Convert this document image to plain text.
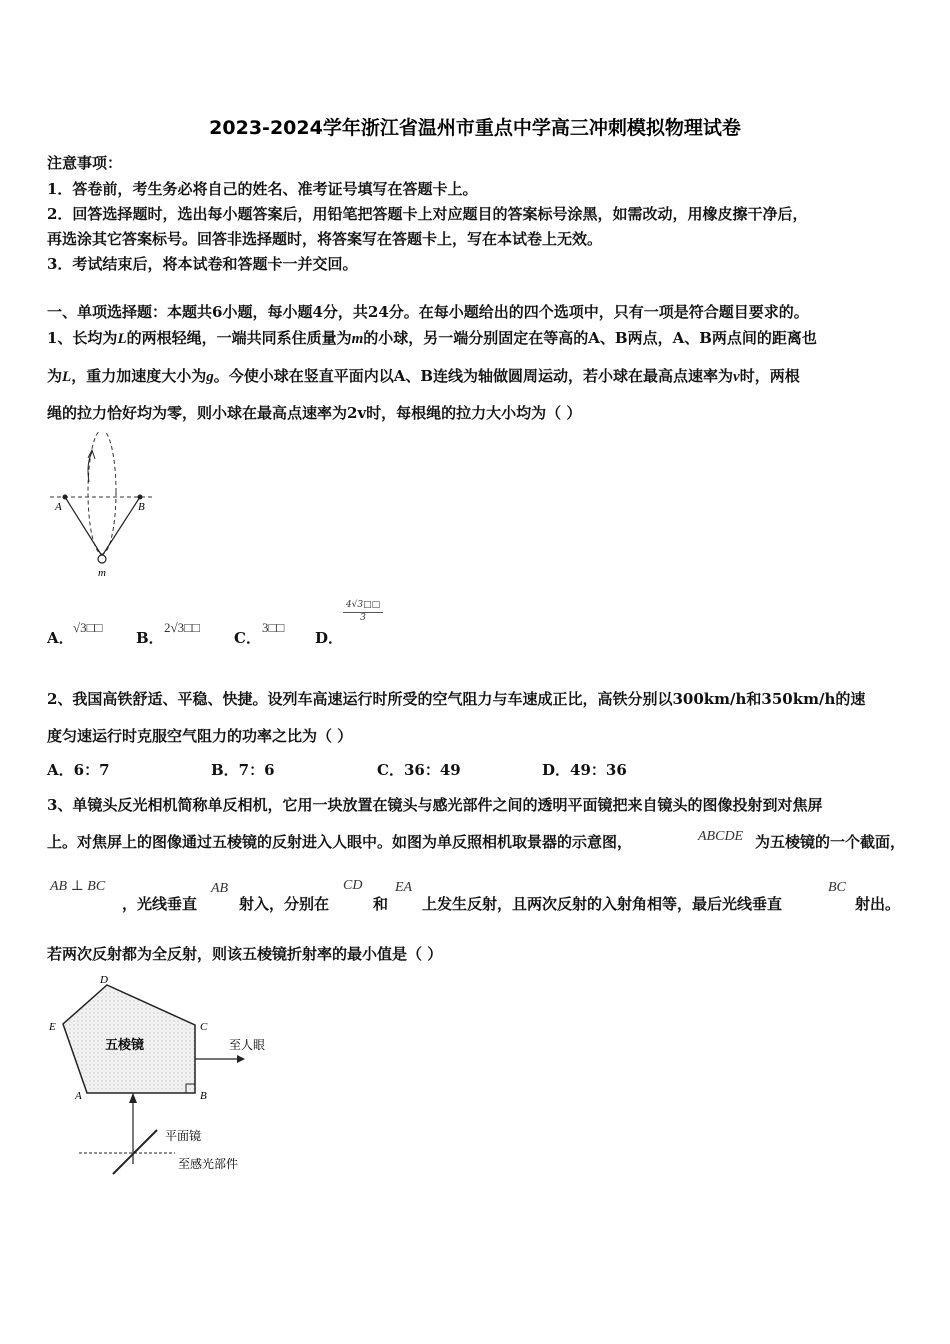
2023-2024学年浙江省温州市重点中学高三冲刺模拟物理试卷
注意事项：
1．答卷前，考生务必将自己的姓名、准考证号填写在答题卡上。
2．回答选择题时，选出每小题答案后，用铅笔把答题卡上对应题目的答案标号涂黑，如需改动，用橡皮擦干净后，
再选涂其它答案标号。回答非选择题时，将答案写在答题卡上，写在本试卷上无效。
3．考试结束后，将本试卷和答题卡一并交回。
一、单项选择题：本题共6小题，每小题4分，共24分。在每小题给出的四个选项中，只有一项是符合题目要求的。
1、长均为L的两根轻绳，一端共同系住质量为m的小球，另一端分别固定在等高的A、B两点，A、B两点间的距离也
为L，重力加速度大小为g。今使小球在竖直平面内以A、B连线为轴做圆周运动，若小球在最高点速率为v时，两根
绳的拉力恰好均为零，则小球在最高点速率为2v时，每根绳的拉力大小均为（ ）
A	B
m
A．
√3□□
B．
2√3□□
C．
3□□
D．
$\frac{4√3□□}{3}$
2、我国高铁舒适、平稳、快捷。设列车高速运行时所受的空气阻力与车速成正比，高铁分别以300km/h和350km/h的速
度匀速运行时克服空气阻力的功率之比为（ ）
A．6：7	B．7：6	C．36：49	D．49：36
3、单镜头反光相机简称单反相机，它用一块放置在镜头与感光部件之间的透明平面镜把来自镜头的图像投射到对焦屏
上。对焦屏上的图像通过五棱镜的反射进入人眼中。如图为单反照相机取景器的示意图，	ABCDE 为五棱镜的一个截面，
AB ⊥ BC
，光线垂直
AB
射入，分别在
CD
和
EA
上发生反射，且两次反射的入射角相等，最后光线垂直
BC
射出。
若两次反射都为全反射，则该五棱镜折射率的最小值是（ ）
D
E	C
A	B
五棱镜	至人眼
平面镜
至感光部件
